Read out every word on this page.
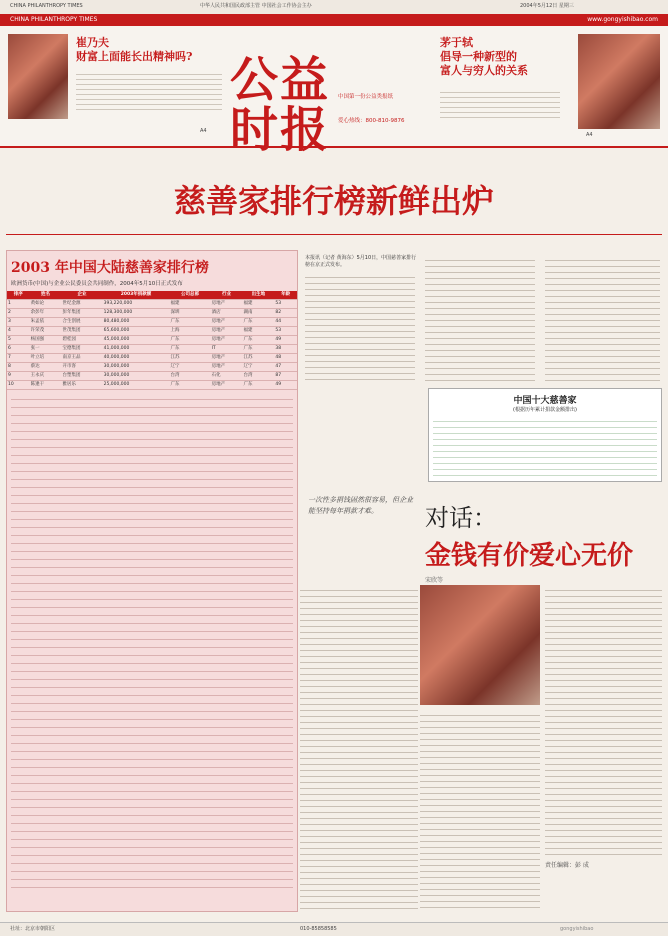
CHINA PHILANTHROPY TIMES	中华人民共和国民政部主管 中国社会工作协会主办	2004年5月12日 星期三
CHINA PHILANTHROPY TIMES	www.gongyishibao.com
崔乃夫
财富上面能长出精神吗?
A4
公 益
时 报
中国第一份公益类报纸
爱心热线：800-810-9876
茅于轼
倡导一种新型的
富人与穷人的关系
A4
慈善家排行榜新鲜出炉
2003 年中国大陆慈善家排行榜
欧洲货币(中国)与企业公民委员会共同制作，2004年5月10日正式发布
排序	姓名	企业	2003年捐款额	公司总部	行业	出生地	年龄
1	黄如论	世纪金源	393,220,000	福建	房地产	福建	53
2	余彭年	彭年集团	128,300,000	深圳	酒店	湖南	82
3	朱孟依	合生创展	80,480,000	广东	房地产	广东	44
4	许荣茂	世茂集团	65,600,000	上海	房地产	福建	53
5	杨国强	碧桂园	45,000,000	广东	房地产	广东	49
6	张一	宝德集团	41,000,000	广东	IT	广东	38
7	叶立培	南京王品	40,000,000	江苏	房地产	江苏	48
8	蔡达	开市客	30,000,000	辽宁	房地产	辽宁	47
9	王永庆	台塑集团	30,000,000	台湾	石化	台湾	87
10	陈逢干	雅居乐	25,000,000	广东	房地产	广东	49
本报讯（记者 黄海东）5月10日，中国慈善家排行榜在京正式发布。
中国十大慈善家
(根据历年累计捐款金额排出)
一次性多捐钱固然很容易，但企业能坚持每年捐款才难。	对话：
金钱有价爱心无价
宋欣等
责任编辑：彭 成
社址：北京市朝阳区	010-85858585	gongyishibao
